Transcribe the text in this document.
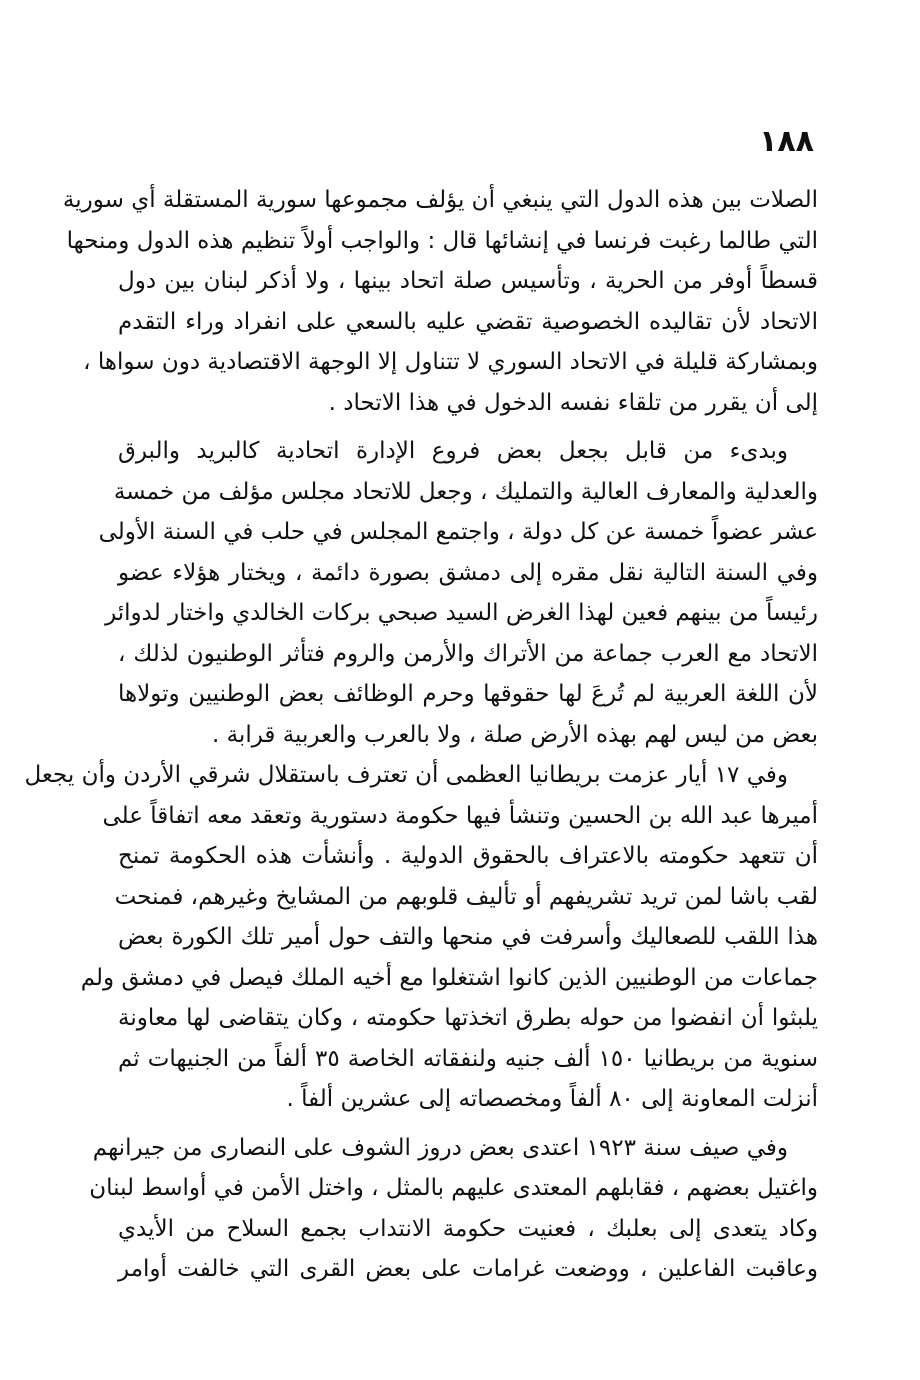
١٨٨
الصلات بين هذه الدول التي ينبغي أن يؤلف مجموعها سورية المستقلة أي سورية
التي طالما رغبت فرنسا في إنشائها قال : والواجب أولاً تنظيم هذه الدول ومنحها
قسطاً أوفر من الحرية ، وتأسيس صلة اتحاد بينها ، ولا أذكر لبنان بين دول
الاتحاد لأن تقاليده الخصوصية تقضي عليه بالسعي على انفراد وراء التقدم
وبمشاركة قليلة في الاتحاد السوري لا تتناول إلا الوجهة الاقتصادية دون سواها ،
إلى أن يقرر من تلقاء نفسه الدخول في هذا الاتحاد .
وبدىء من قابل بجعل بعض فروع الإدارة اتحادية كالبريد والبرق
والعدلية والمعارف العالية والتمليك ، وجعل للاتحاد مجلس مؤلف من خمسة
عشر عضواً خمسة عن كل دولة ، واجتمع المجلس في حلب في السنة الأولى
وفي السنة التالية نقل مقره إلى دمشق بصورة دائمة ، ويختار هؤلاء عضو
رئيساً من بينهم فعين لهذا الغرض السيد صبحي بركات الخالدي واختار لدوائر
الاتحاد مع العرب جماعة من الأتراك والأرمن والروم فتأثر الوطنيون لذلك ،
لأن اللغة العربية لم تُرعَ لها حقوقها وحرم الوظائف بعض الوطنيين وتولاها
بعض من ليس لهم بهذه الأرض صلة ، ولا بالعرب والعربية قرابة .
وفي ١٧ أيار عزمت بريطانيا العظمى أن تعترف باستقلال شرقي الأردن وأن يجعل
أميرها عبد الله بن الحسين وتنشأ فيها حكومة دستورية وتعقد معه اتفاقاً على
أن تتعهد حكومته بالاعتراف بالحقوق الدولية . وأنشأت هذه الحكومة تمنح
لقب باشا لمن تريد تشريفهم أو تأليف قلوبهم من المشايخ وغيرهم، فمنحت
هذا اللقب للصعاليك وأسرفت في منحها والتف حول أمير تلك الكورة بعض
جماعات من الوطنيين الذين كانوا اشتغلوا مع أخيه الملك فيصل في دمشق ولم
يلبثوا أن انفضوا من حوله بطرق اتخذتها حكومته ، وكان يتقاضى لها معاونة
سنوية من بريطانيا ١٥٠ ألف جنيه ولنفقاته الخاصة ٣٥ ألفاً من الجنيهات ثم
أنزلت المعاونة إلى ٨٠ ألفاً ومخصصاته إلى عشرين ألفاً .
وفي صيف سنة ١٩٢٣ اعتدى بعض دروز الشوف على النصارى من جيرانهم
واغتيل بعضهم ، فقابلهم المعتدى عليهم بالمثل ، واختل الأمن في أواسط لبنان
وكاد يتعدى إلى بعلبك ، فعنيت حكومة الانتداب بجمع السلاح من الأيدي
وعاقبت الفاعلين ، ووضعت غرامات على بعض القرى التي خالفت أوامر
